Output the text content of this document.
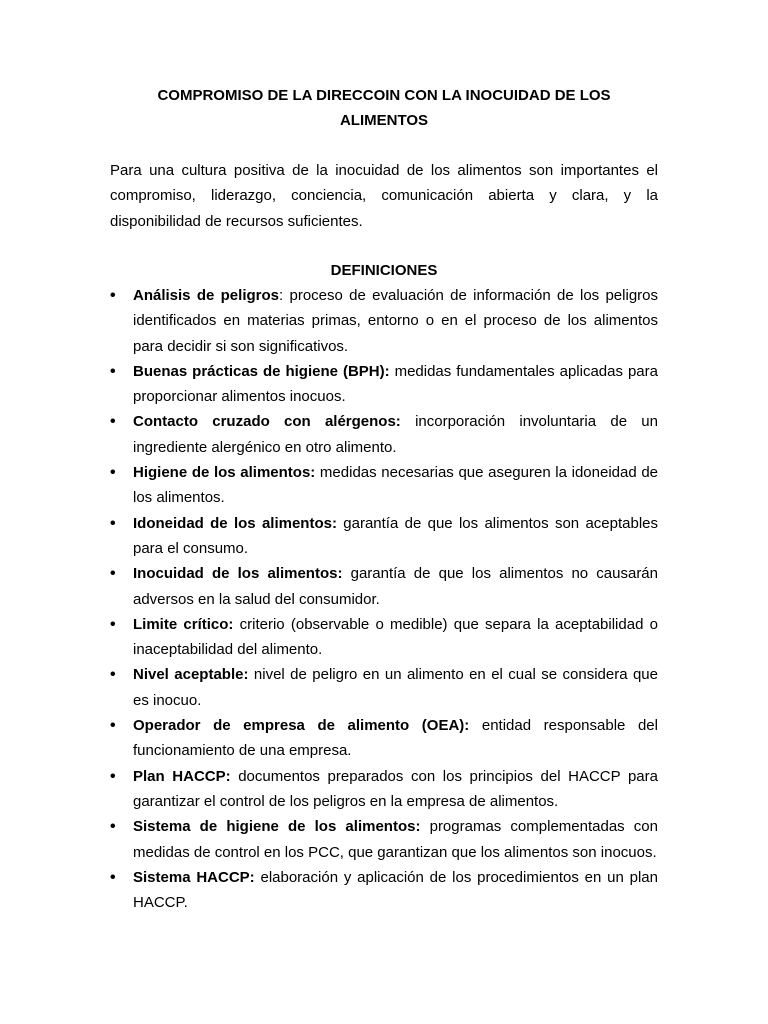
COMPROMISO DE LA DIRECCOIN CON LA INOCUIDAD DE LOS
ALIMENTOS
Para una cultura positiva de la inocuidad de los alimentos son importantes el
compromiso, liderazgo, conciencia, comunicación abierta y clara, y la
disponibilidad de recursos suficientes.
DEFINICIONES
•	Análisis de peligros: proceso de evaluación de información de los peligros identificados en materias primas, entorno o en el proceso de los alimentos para decidir si son significativos.
•	Buenas prácticas de higiene (BPH): medidas fundamentales aplicadas para proporcionar alimentos inocuos.
•	Contacto cruzado con alérgenos: incorporación involuntaria de un ingrediente alergénico en otro alimento.
•	Higiene de los alimentos: medidas necesarias que aseguren la idoneidad de los alimentos.
•	Idoneidad de los alimentos: garantía de que los alimentos son aceptables para el consumo.
•	Inocuidad de los alimentos: garantía de que los alimentos no causarán adversos en la salud del consumidor.
•	Limite crítico: criterio (observable o medible) que separa la aceptabilidad o inaceptabilidad del alimento.
•	Nivel aceptable: nivel de peligro en un alimento en el cual se considera que es inocuo.
•	Operador de empresa de alimento (OEA): entidad responsable del funcionamiento de una empresa.
•	Plan HACCP: documentos preparados con los principios del HACCP para garantizar el control de los peligros en la empresa de alimentos.
•	Sistema de higiene de los alimentos: programas complementadas con medidas de control en los PCC, que garantizan que los alimentos son inocuos.
•	Sistema HACCP: elaboración y aplicación de los procedimientos en un plan HACCP.
